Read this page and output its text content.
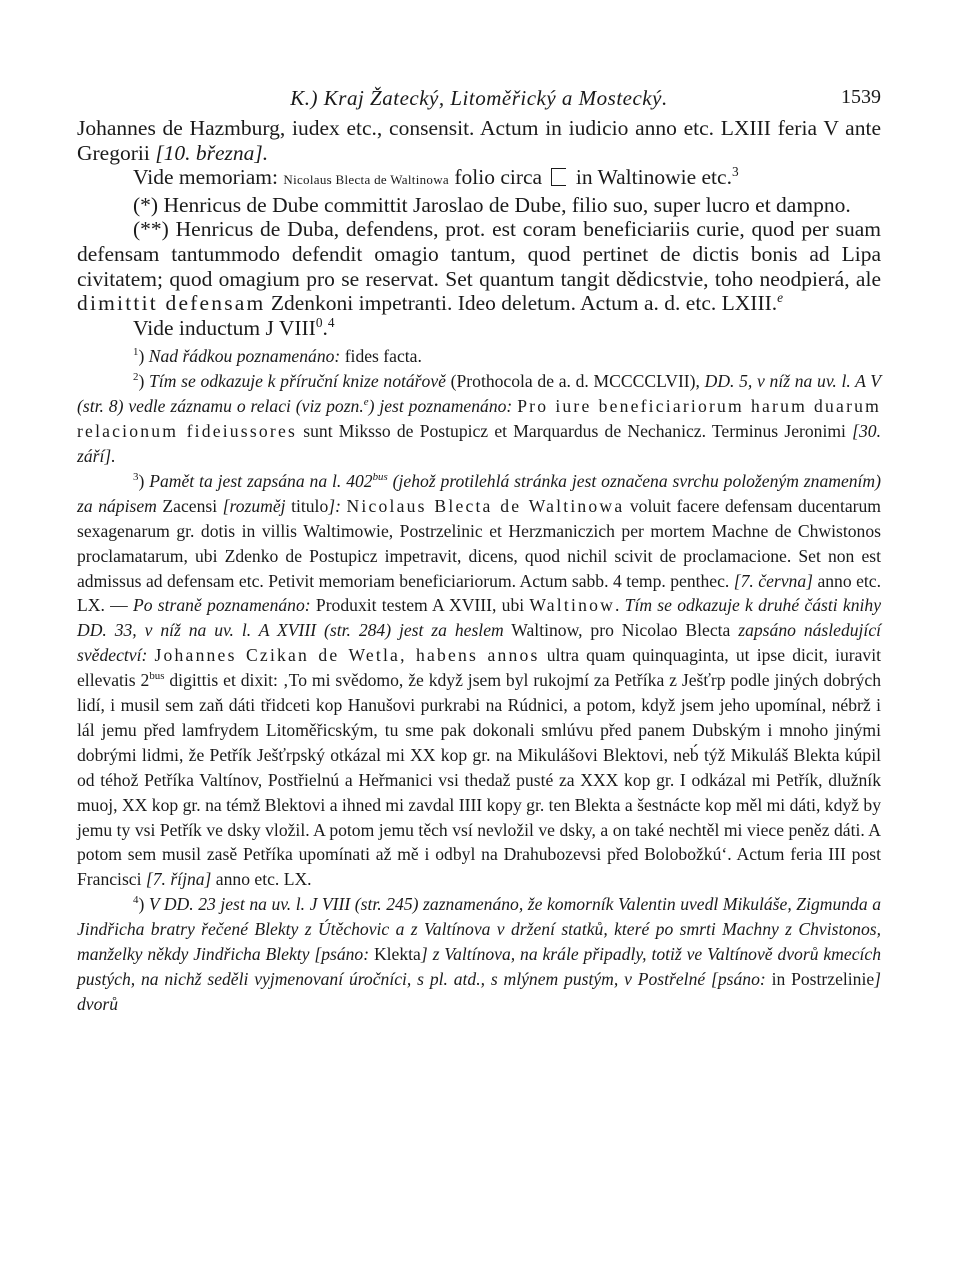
K.) Kraj Žatecký, Litoměřický a Mostecký.	1539

Johannes de Hazmburg, iudex etc., consensit. Actum in iudicio anno etc. LXIII feria V ante Gregorii [10. března].

Vide memoriam: Nicolaus Blecta de Waltinowa folio circa  in Waltinowie etc.$^3$

(*) Henricus de Dube committit Jaroslao de Dube, filio suo, super lucro et dampno.

(**) Henricus de Duba, defendens, prot. est coram beneficiariis curie, quod per suam defensam tantummodo defendit omagio tantum, quod pertinet de dictis bonis ad Lipa civitatem; quod omagium pro se reservat. Set quantum tangit dědicstvie, toho neodpierá, ale dimittit defensam Zdenkoni impetranti. Ideo deletum. Actum a. d. etc. LXIII.$^e$

Vide inductum J VIII$^0$.$^4$

$^1$) Nad řádkou poznamenáno: fides facta.

$^2$) Tím se odkazuje k příruční knize notářově (Prothocola de a. d. MCCCCLVII), DD. 5, v níž na uv. l. A V (str. 8) vedle záznamu o relaci (viz pozn.$^e$) jest poznamenáno: Pro iure beneficiariorum harum duarum relacionum fideiussores sunt Miksso de Postupicz et Marquardus de Nechanicz. Terminus Jeronimi [30. září].

$^3$) Pamět ta jest zapsána na l. $402^{bus}$ (jehož protilehlá stránka jest označena svrchu položeným znamením) za nápisem Zacensi [rozuměj titulo]: Nicolaus Blecta de Waltinowa voluit facere defensam ducentarum sexagenarum gr. dotis in villis Waltimowie, Postrzelinic et Herzmaniczich per mortem Machne de Chwistonos proclamatarum, ubi Zdenko de Postupicz impetravit, dicens, quod nichil scivit de proclamacione. Set non est admissus ad defensam etc. Petivit memoriam beneficiariorum. Actum sabb. 4 temp. penthec. [7. června] anno etc. LX. — Po straně poznamenáno: Produxit testem A XVIII, ubi Waltinow. Tím se odkazuje k druhé části knihy DD. 33, v níž na uv. l. A XVIII (str. 284) jest za heslem Waltinow, pro Nicolao Blecta zapsáno následující svědectví: Johannes Czikan de Wetla, habens annos ultra quam quinquaginta, ut ipse dicit, iuravit ellevatis $2^{bus}$ digittis et dixit: ‚To mi svědomo, že když jsem byl rukojmí za Petříka z Ješťrp podle jiných dobrých lidí, i musil sem zaň dáti třidceti kop Hanušovi purkrabi na Rúdnici, a potom, když jsem jeho upomínal, nébrž i lál jemu před lamfrydem Litoměřicským, tu sme pak dokonali smlúvu před panem Dubským i mnoho jinými dobrými lidmi, že Petřík Ješťrpský otkázal mi XX kop gr. na Mikulášovi Blektovi, neb́ týž Mikuláš Blekta kúpil od téhož Petříka Valtínov, Postřielnú a Heřmanici vsi thedaž pusté za XXX kop gr. I odkázal mi Petřík, dlužník muoj, XX kop gr. na témž Blektovi a ihned mi zavdal IIII kopy gr. ten Blekta a šestnácte kop měl mi dáti, když by jemu ty vsi Petřík ve dsky vložil. A potom jemu těch vsí nevložil ve dsky, a on také nechtěl mi viece peněz dáti. A potom sem musil zasě Petříka upomínati až mě i odbyl na Drahubozevsi před Bolobožkú‘. Actum feria III post Francisci [7. října] anno etc. LX.

$^4$) V DD. 23 jest na uv. l. J VIII (str. 245) zaznamenáno, že komorník Valentin uvedl Mikuláše, Zigmunda a Jindřicha bratry řečené Blekty z Útěchovic a z Valtínova v držení statků, které po smrti Machny z Chvistonos, manželky někdy Jindřicha Blekty [psáno: Klekta] z Valtínova, na krále připadly, totiž ve Valtínově dvorů kmecích pustých, na nichž seděli vyjmenovaní úročníci, s pl. atd., s mlýnem pustým, v Postřelné [psáno: in Postrzelinie] dvorů
